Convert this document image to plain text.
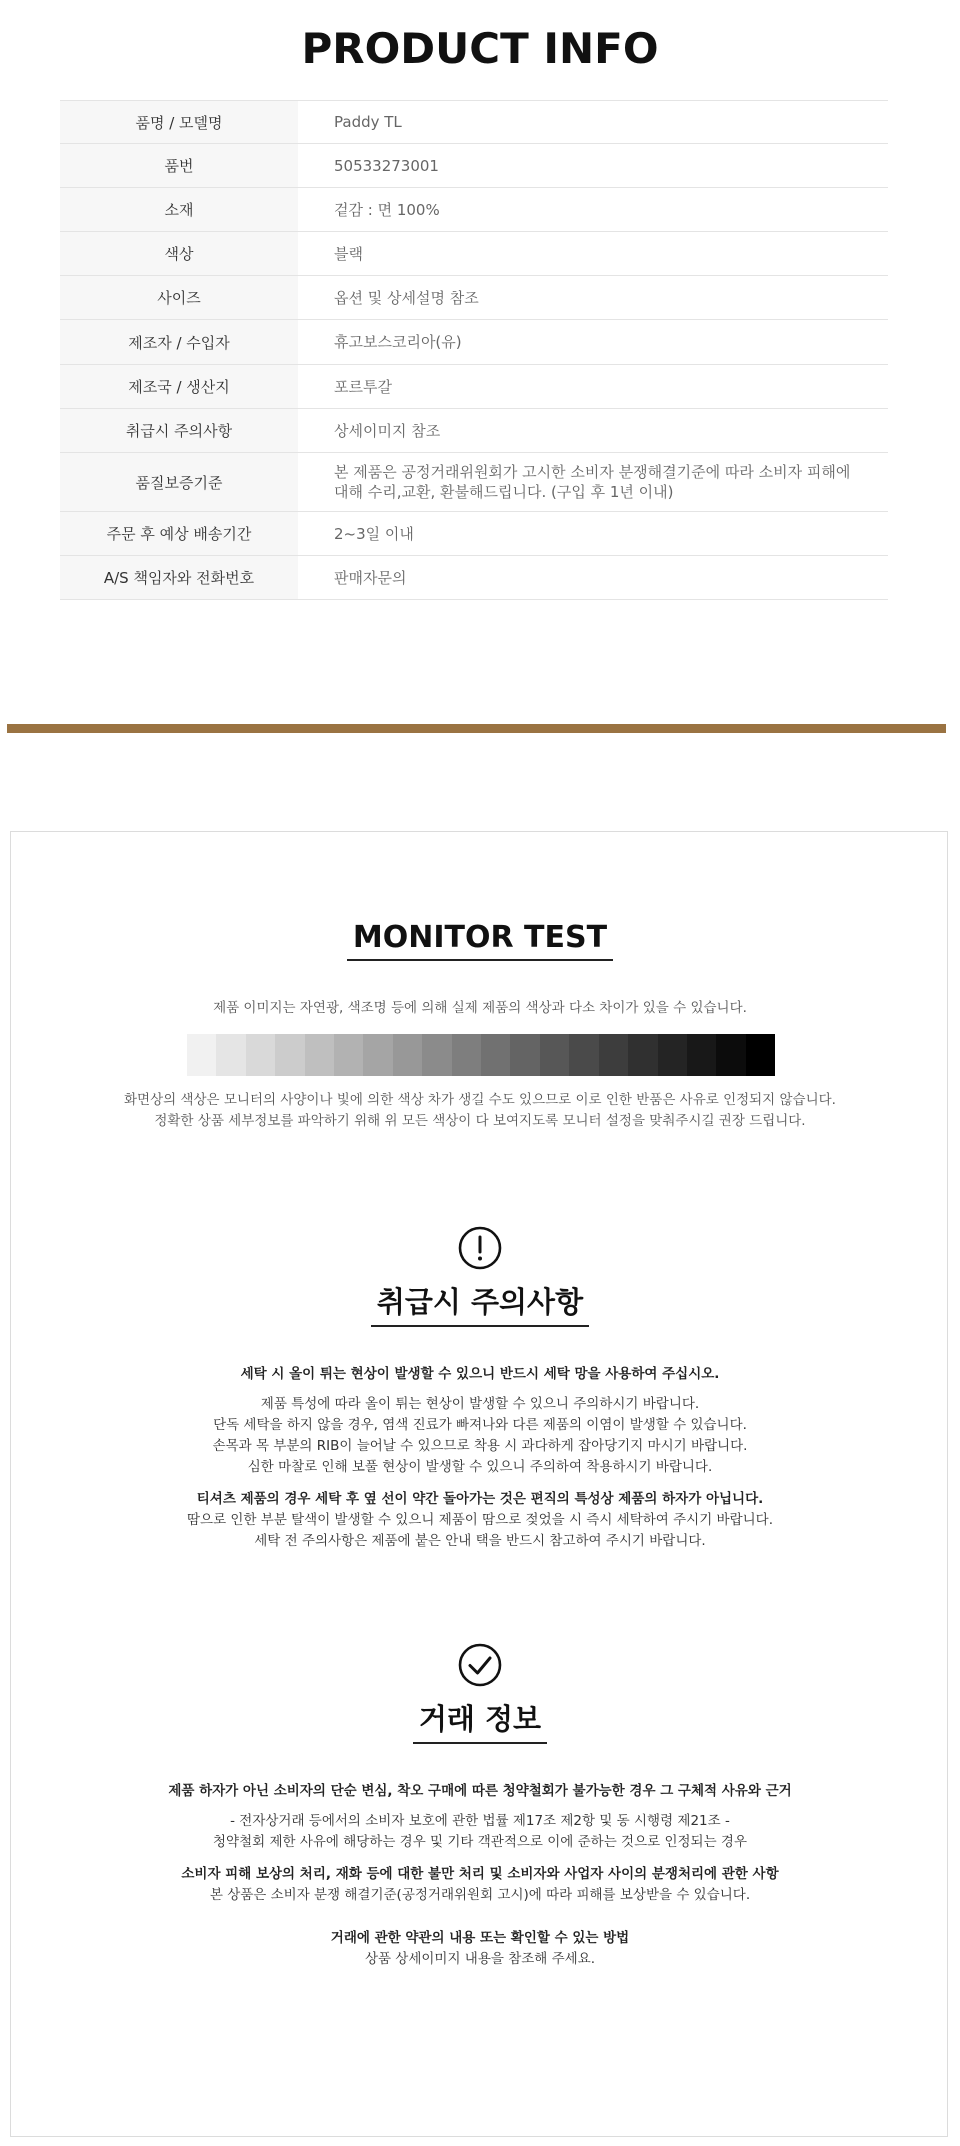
PRODUCT INFO
품명 / 모델명	Paddy TL
품번	50533273001
소재	겉감 : 면 100%
색상	블랙
사이즈	옵션 및 상세설명 참조
제조자 / 수입자	휴고보스코리아(유)
제조국 / 생산지	포르투갈
취급시 주의사항	상세이미지 참조
품질보증기준	본 제품은 공정거래위원회가 고시한 소비자 분쟁해결기준에 따라 소비자 피해에 대해 수리,교환, 환불해드립니다. (구입 후 1년 이내)
주문 후 예상 배송기간	2~3일 이내
A/S 책임자와 전화번호	판매자문의
MONITOR TEST

제품 이미지는 자연광, 색조명 등에 의해 실제 제품의 색상과 다소 차이가 있을 수 있습니다.

화면상의 색상은 모니터의 사양이나 빛에 의한 색상 차가 생길 수도 있으므로 이로 인한 반품은 사유로 인정되지 않습니다.

정확한 상품 세부정보를 파악하기 위해 위 모든 색상이 다 보여지도록 모니터 설정을 맞춰주시길 권장 드립니다.

취급시 주의사항

세탁 시 올이 튀는 현상이 발생할 수 있으니 반드시 세탁 망을 사용하여 주십시오.

제품 특성에 따라 올이 튀는 현상이 발생할 수 있으니 주의하시기 바랍니다.

단독 세탁을 하지 않을 경우, 염색 진료가 빠져나와 다른 제품의 이염이 발생할 수 있습니다.

손목과 목 부분의 RIB이 늘어날 수 있으므로 착용 시 과다하게 잡아당기지 마시기 바랍니다.

심한 마찰로 인해 보풀 현상이 발생할 수 있으니 주의하여 착용하시기 바랍니다.

티셔츠 제품의 경우 세탁 후 옆 선이 약간 돌아가는 것은 편직의 특성상 제품의 하자가 아닙니다.

땀으로 인한 부분 탈색이 발생할 수 있으니 제품이 땀으로 젖었을 시 즉시 세탁하여 주시기 바랍니다.

세탁 전 주의사항은 제품에 붙은 안내 택을 반드시 참고하여 주시기 바랍니다.

거래 정보

제품 하자가 아닌 소비자의 단순 변심, 착오 구매에 따른 청약철회가 불가능한 경우 그 구체적 사유와 근거

- 전자상거래 등에서의 소비자 보호에 관한 법률 제17조 제2항 및 동 시행령 제21조 -

청약철회 제한 사유에 해당하는 경우 및 기타 객관적으로 이에 준하는 것으로 인정되는 경우

소비자 피해 보상의 처리, 재화 등에 대한 불만 처리 및 소비자와 사업자 사이의 분쟁처리에 관한 사항

본 상품은 소비자 분쟁 해결기준(공정거래위원회 고시)에 따라 피해를 보상받을 수 있습니다.

거래에 관한 약관의 내용 또는 확인할 수 있는 방법

상품 상세이미지 내용을 참조해 주세요.
